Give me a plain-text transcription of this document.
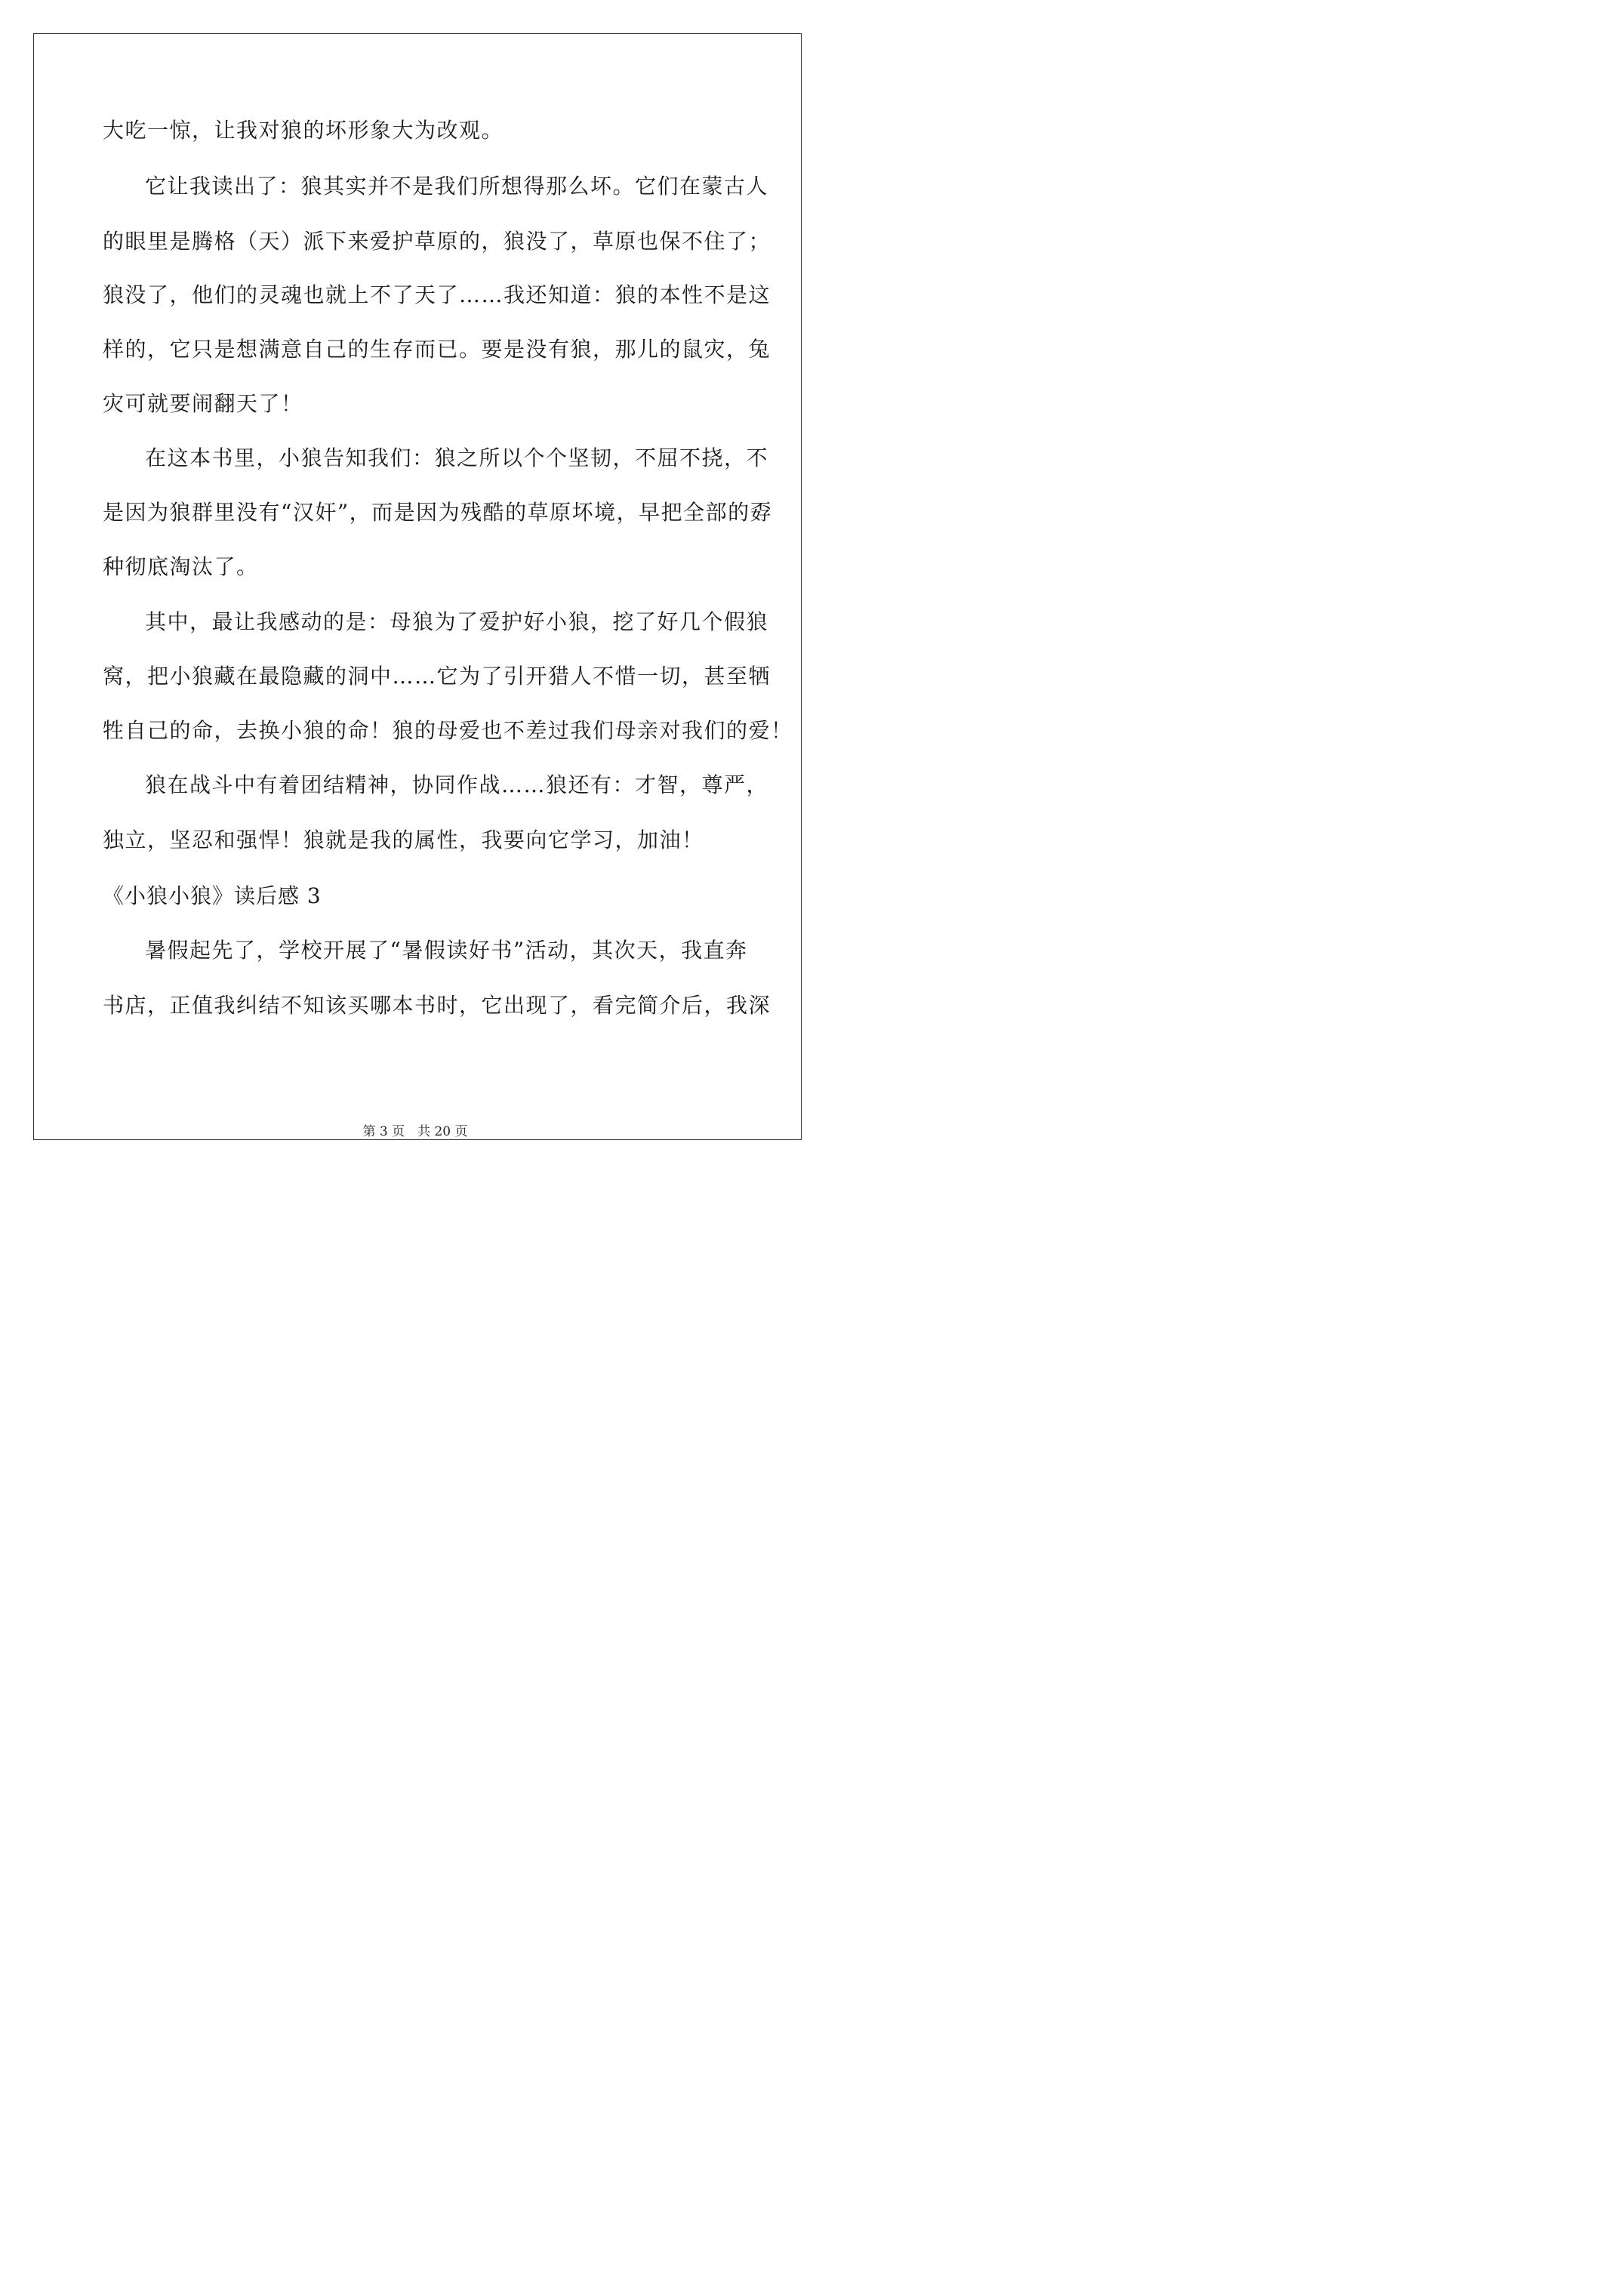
大吃一惊，让我对狼的坏形象大为改观。
它让我读出了：狼其实并不是我们所想得那么坏。它们在蒙古人
的眼里是腾格（天）派下来爱护草原的，狼没了，草原也保不住了；
狼没了，他们的灵魂也就上不了天了……我还知道：狼的本性不是这
样的，它只是想满意自己的生存而已。要是没有狼，那儿的鼠灾，兔
灾可就要闹翻天了！
在这本书里，小狼告知我们：狼之所以个个坚韧，不屈不挠，不
是因为狼群里没有“汉奸”，而是因为残酷的草原坏境，早把全部的孬
种彻底淘汰了。
其中，最让我感动的是：母狼为了爱护好小狼，挖了好几个假狼
窝，把小狼藏在最隐藏的洞中……它为了引开猎人不惜一切，甚至牺
牲自己的命，去换小狼的命！狼的母爱也不差过我们母亲对我们的爱！
狼在战斗中有着团结精神，协同作战……狼还有：才智，尊严，
独立，坚忍和强悍！狼就是我的属性，我要向它学习，加油！
《小狼小狼》读后感 3
暑假起先了，学校开展了“暑假读好书”活动，其次天，我直奔
书店，正值我纠结不知该买哪本书时，它出现了，看完简介后，我深
第 3 页　共 20 页
